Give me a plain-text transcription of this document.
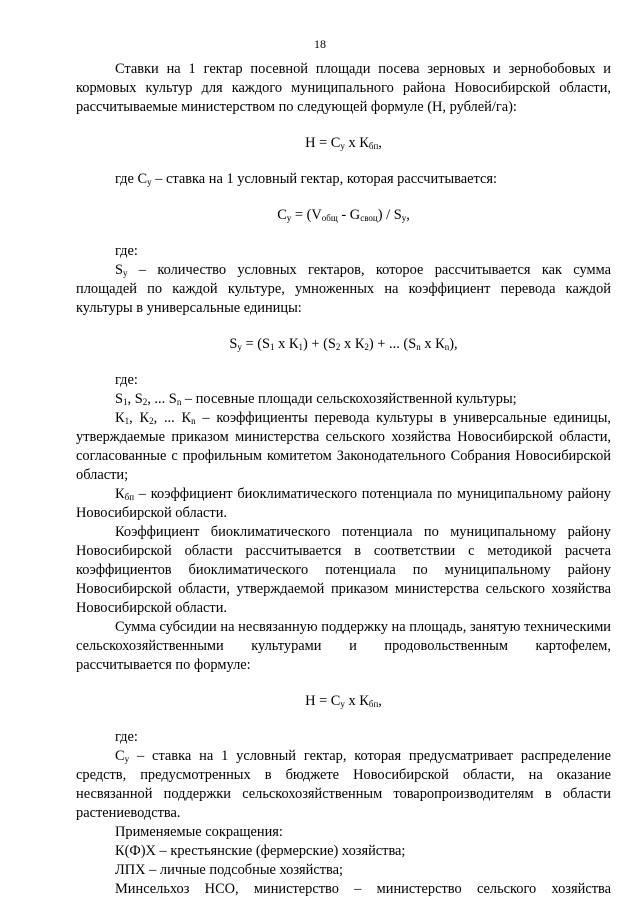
18

Ставки на 1 гектар посевной площади посева зерновых и зернобобовых и кормовых культур для каждого муниципального района Новосибирской области, рассчитываемые министерством по следующей формуле (Н, рублей/га):

$Н = С_у$ х $К_{бп}$,

где $С_у$ – ставка на 1 условный гектар, которая рассчитывается:

$С_у = (V_{общ} - G_{своц}) / S_у$,

где:

$S_у$ – количество условных гектаров, которое рассчитывается как сумма площадей по каждой культуре, умноженных на коэффициент перевода каждой культуры в универсальные единицы:

$S_у = (S_1$ х $К_1) + (S_2$ х $К_2$) + ... ($S_n$ х $К_n$),

где:

$S_1$, $S_2$, ... $S_n$ – посевные площади сельскохозяйственной культуры;

$К_1$, $К_2$, ... $К_n$ – коэффициенты перевода культуры в универсальные единицы, утверждаемые приказом министерства сельского хозяйства Новосибирской области, согласованные с профильным комитетом Законодательного Собрания Новосибирской области;

$К_{бп}$ – коэффициент биоклиматического потенциала по муниципальному району Новосибирской области.

Коэффициент биоклиматического потенциала по муниципальному району Новосибирской области рассчитывается в соответствии с методикой расчета коэффициентов биоклиматического потенциала по муниципальному району Новосибирской области, утверждаемой приказом министерства сельского хозяйства Новосибирской области.

Сумма субсидии на несвязанную поддержку на площадь, занятую техническими сельскохозяйственными культурами и продовольственным картофелем, рассчитывается по формуле:

$Н = С_у$ х $К_{бп}$,

где:

$С_у$ – ставка на 1 условный гектар, которая предусматривает распределение средств, предусмотренных в бюджете Новосибирской области, на оказание несвязанной поддержки сельскохозяйственным товаропроизводителям в области растениеводства.

Применяемые сокращения:

К(Ф)Х – крестьянские (фермерские) хозяйства;

ЛПХ – личные подсобные хозяйства;

Минсельхоз НСО, министерство – министерство сельского хозяйства
